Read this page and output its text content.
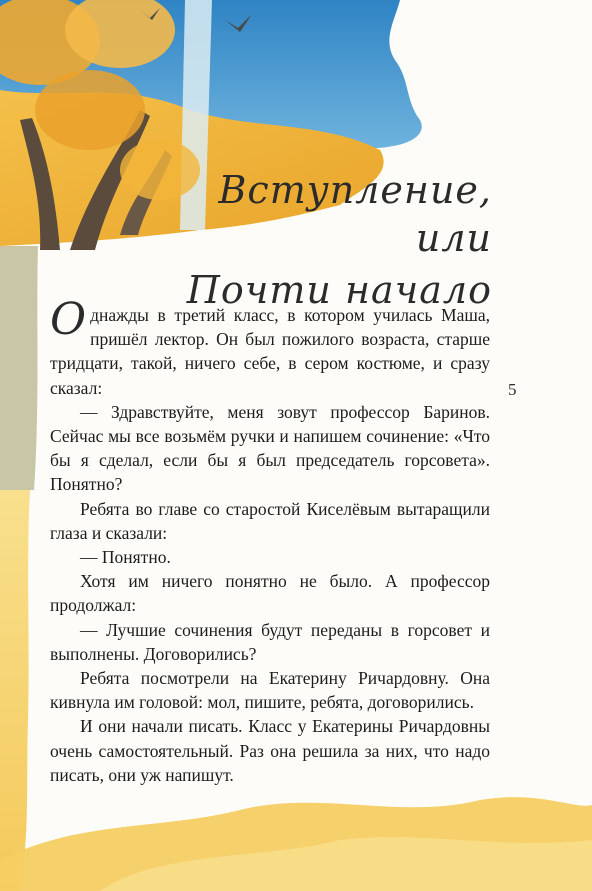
Вступление,
или
Почти начало
5

Однажды в третий класс, в котором училась Маша, пришёл лектор. Он был пожилого возраста, старше тридцати, такой, ничего себе, в сером костюме, и сразу сказал:

— Здравствуйте, меня зовут профессор Баринов. Сейчас мы все возьмём ручки и напишем сочинение: «Что бы я сделал, если бы я был председатель горсовета». Понятно?

Ребята во главе со старостой Киселёвым вытаращили глаза и сказали:

— Понятно.

Хотя им ничего понятно не было. А профессор продолжал:

— Лучшие сочинения будут переданы в горсовет и выполнены. Договорились?

Ребята посмотрели на Екатерину Ричардовну. Она кивнула им головой: мол, пишите, ребята, договорились.

И они начали писать. Класс у Екатерины Ричардовны очень самостоятельный. Раз она решила за них, что надо писать, они уж напишут.
